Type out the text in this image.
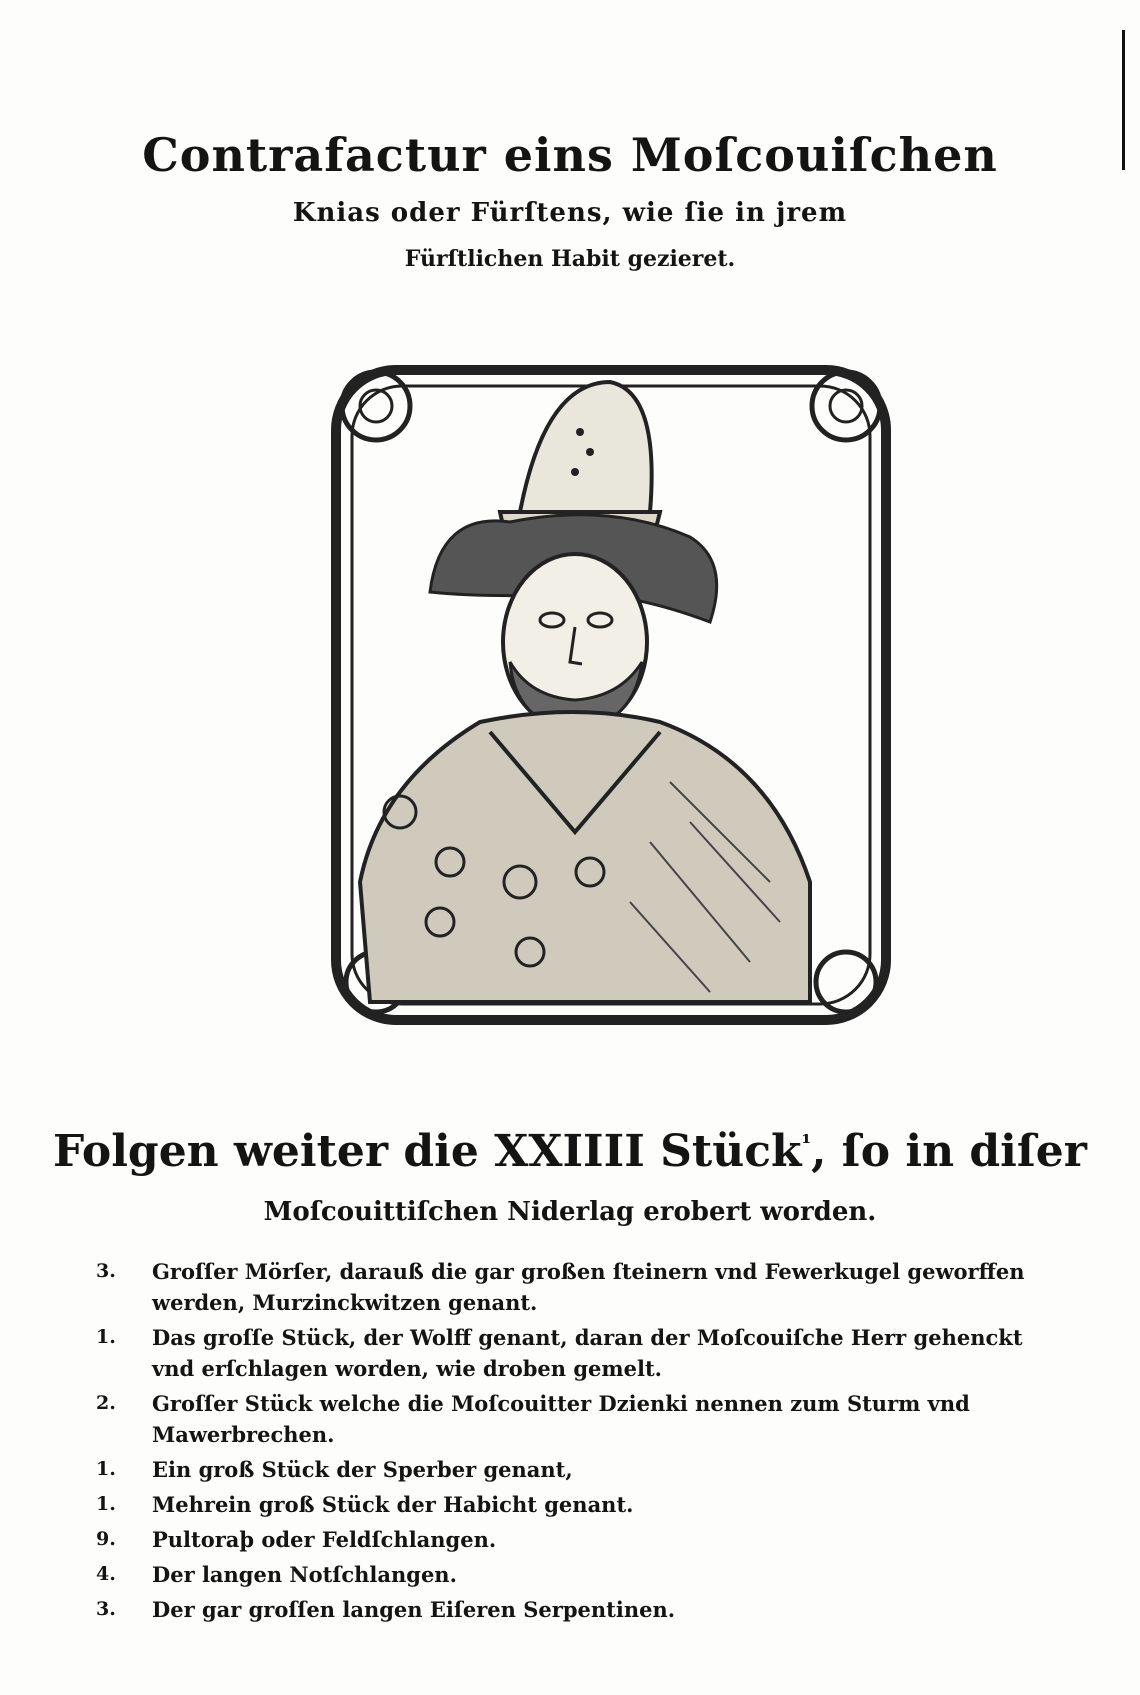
Contrafactur eins Moſcouiſchen
Knias oder Fürſtens, wie ſie in jrem
Fürſtlichen Habit gezieret.
Folgen weiter die XXIIII Stück$^{^1}$, ſo in diſer
Moſcouittiſchen Niderlag erobert worden.
3.	Groſſer Mörſer, darauß die gar großen ſteinern vnd Fewerkugel geworffen werden, Murzinckwitzen genant.
1.	Das groſſe Stück, der Wolff genant, daran der Moſcouiſche Herr gehenckt vnd erſchlagen worden, wie droben gemelt.
2.	Groſſer Stück welche die Moſcouitter Dzienki nennen zum Sturm vnd Mawerbrechen.
1.	Ein groß Stück der Sperber genant,
1.	Mehrein groß Stück der Habicht genant.
9.	Pultoraþ oder Feldſchlangen.
4.	Der langen Notſchlangen.
3.	Der gar groſſen langen Eiſeren Serpentinen.
